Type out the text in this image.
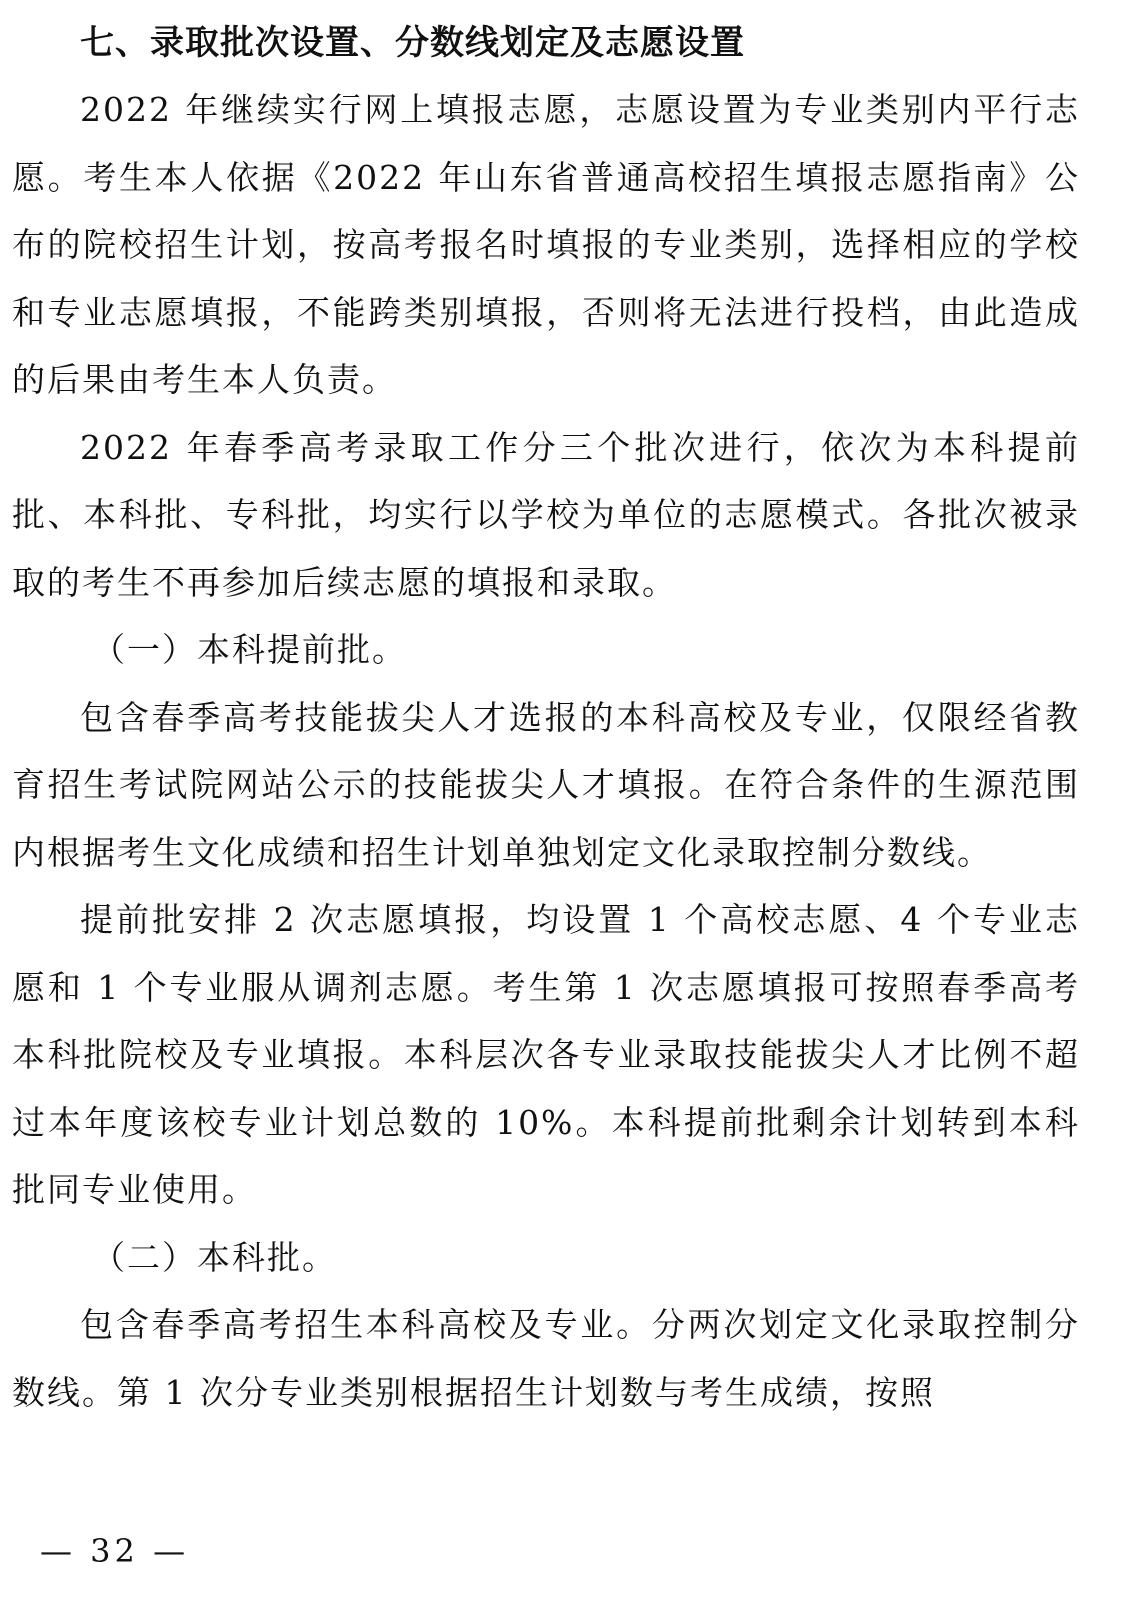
七、录取批次设置、分数线划定及志愿设置

2022 年继续实行网上填报志愿，志愿设置为专业类别内平行志愿。考生本人依据《2022 年山东省普通高校招生填报志愿指南》公布的院校招生计划，按高考报名时填报的专业类别，选择相应的学校和专业志愿填报，不能跨类别填报，否则将无法进行投档，由此造成的后果由考生本人负责。

2022 年春季高考录取工作分三个批次进行，依次为本科提前批、本科批、专科批，均实行以学校为单位的志愿模式。各批次被录取的考生不再参加后续志愿的填报和录取。

（一）本科提前批。

包含春季高考技能拔尖人才选报的本科高校及专业，仅限经省教育招生考试院网站公示的技能拔尖人才填报。在符合条件的生源范围内根据考生文化成绩和招生计划单独划定文化录取控制分数线。

提前批安排 2 次志愿填报，均设置 1 个高校志愿、4 个专业志愿和 1 个专业服从调剂志愿。考生第 1 次志愿填报可按照春季高考本科批院校及专业填报。本科层次各专业录取技能拔尖人才比例不超过本年度该校专业计划总数的 10%。本科提前批剩余计划转到本科批同专业使用。

（二）本科批。

包含春季高考招生本科高校及专业。分两次划定文化录取控制分数线。第 1 次分专业类别根据招生计划数与考生成绩，按照

— 32 —
